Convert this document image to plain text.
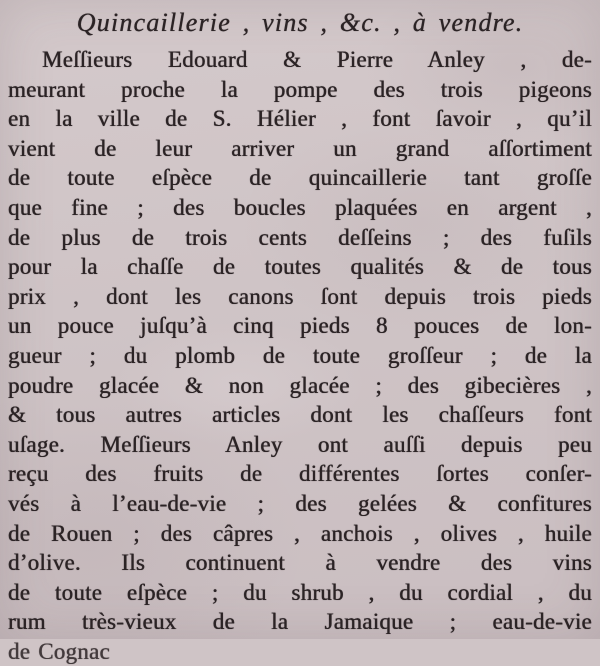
Quincaillerie , vins , &c. , à vendre.
Meſſieurs Edouard & Pierre Anley , de-
meurant proche la pompe des trois pigeons
en la ville de S. Hélier , font ſavoir , qu’il
vient de leur arriver un grand aſſortiment
de toute eſpèce de quincaillerie tant groſſe
que fine ; des boucles plaquées en argent ,
de plus de trois cents deſſeins ; des fuſils
pour la chaſſe de toutes qualités & de tous
prix , dont les canons ſont depuis trois pieds
un pouce juſqu’à cinq pieds 8 pouces de lon-
gueur ; du plomb de toute groſſeur ; de la
poudre glacée & non glacée ; des gibecières ,
& tous autres articles dont les chaſſeurs font
uſage. Meſſieurs Anley ont auſſi depuis peu
reçu des fruits de différentes ſortes conſer-
vés à l’eau-de-vie ; des gelées & confitures
de Rouen ; des câpres , anchois , olives , huile
d’olive. Ils continuent à vendre des vins
de toute eſpèce ; du shrub , du cordial , du
rum très-vieux de la Jamaique ; eau-de-vie
de Cognac
